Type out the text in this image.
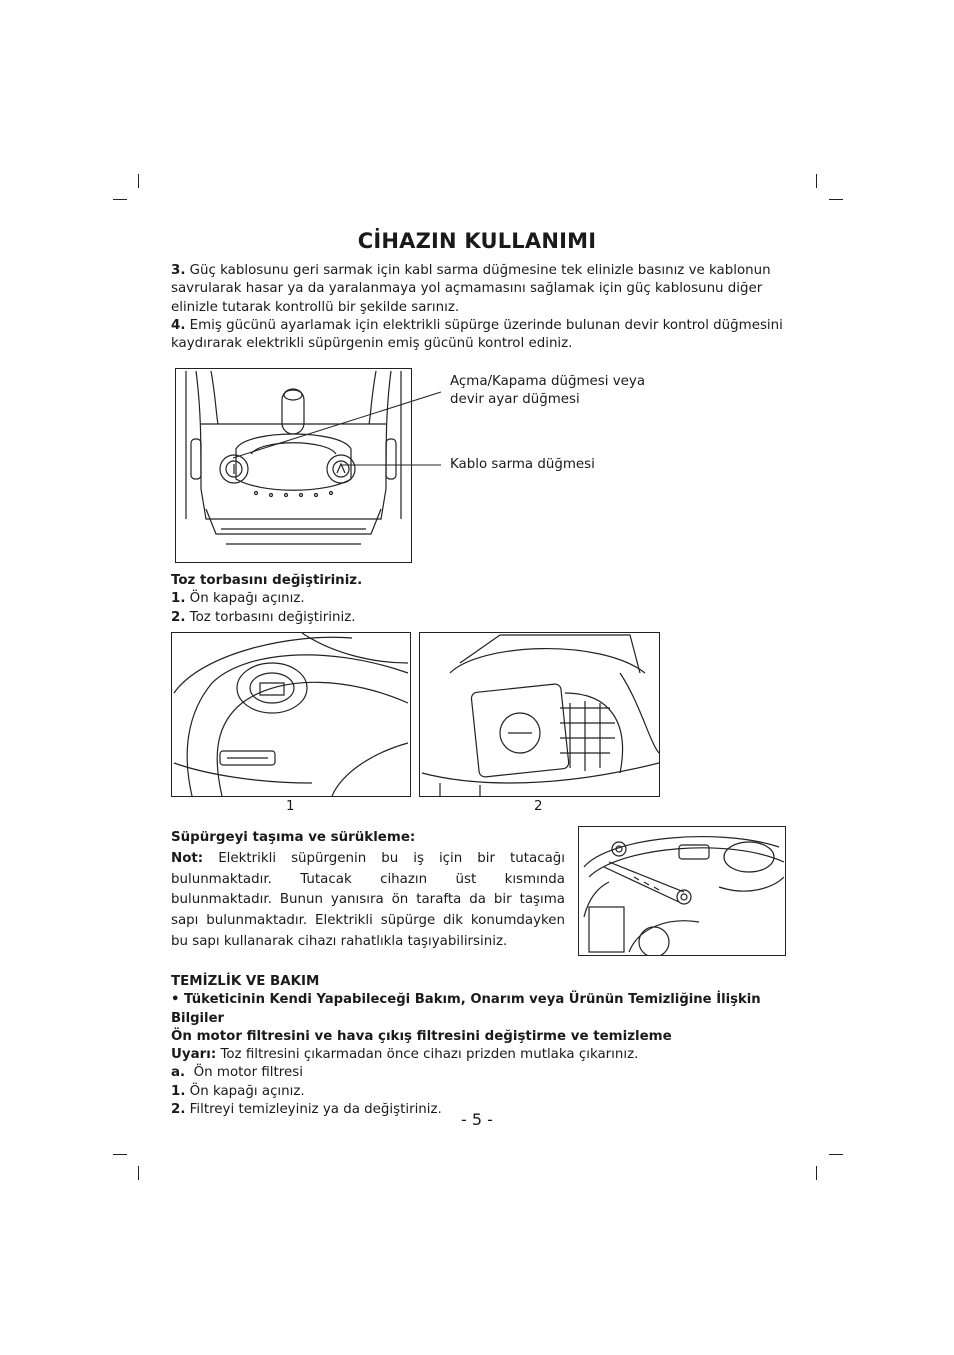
CİHAZIN KULLANIMI
3. Güç kablosunu geri sarmak için kabl sarma düğmesine tek elinizle basınız ve kablonun savrularak hasar ya da yaralanmaya yol açmamasını sağlamak için güç kablosunu diğer elinizle tutarak kontrollü bir şekilde sarınız.
4. Emiş gücünü ayarlamak için elektrikli süpürge üzerinde bulunan devir kontrol düğmesini kaydırarak elektrikli süpürgenin emiş gücünü kontrol ediniz.
Açma/Kapama düğmesi veya
devir ayar düğmesi
Kablo sarma düğmesi
Toz torbasını değiştiriniz.
1. Ön kapağı açınız.
2. Toz torbasını değiştiriniz.
1	2
Süpürgeyi taşıma ve sürükleme:
Not: Elektrikli süpürgenin bu iş için bir tutacağı bulunmaktadır. Tutacak cihazın üst kısmında bulunmaktadır. Bunun yanısıra ön tarafta da bir taşıma sapı bulunmaktadır. Elektrikli süpürge dik konumdayken bu sapı kullanarak cihazı rahatlıkla taşıyabilirsiniz.
TEMİZLİK VE BAKIM
• Tüketicinin Kendi Yapabileceği Bakım, Onarım veya Ürünün Temizliğine İlişkin Bilgiler
Ön motor filtresini ve hava çıkış filtresini değiştirme ve temizleme
Uyarı: Toz filtresini çıkarmadan önce cihazı prizden mutlaka çıkarınız.
a. Ön motor filtresi
1. Ön kapağı açınız.
2. Filtreyi temizleyiniz ya da değiştiriniz.
- 5 -
